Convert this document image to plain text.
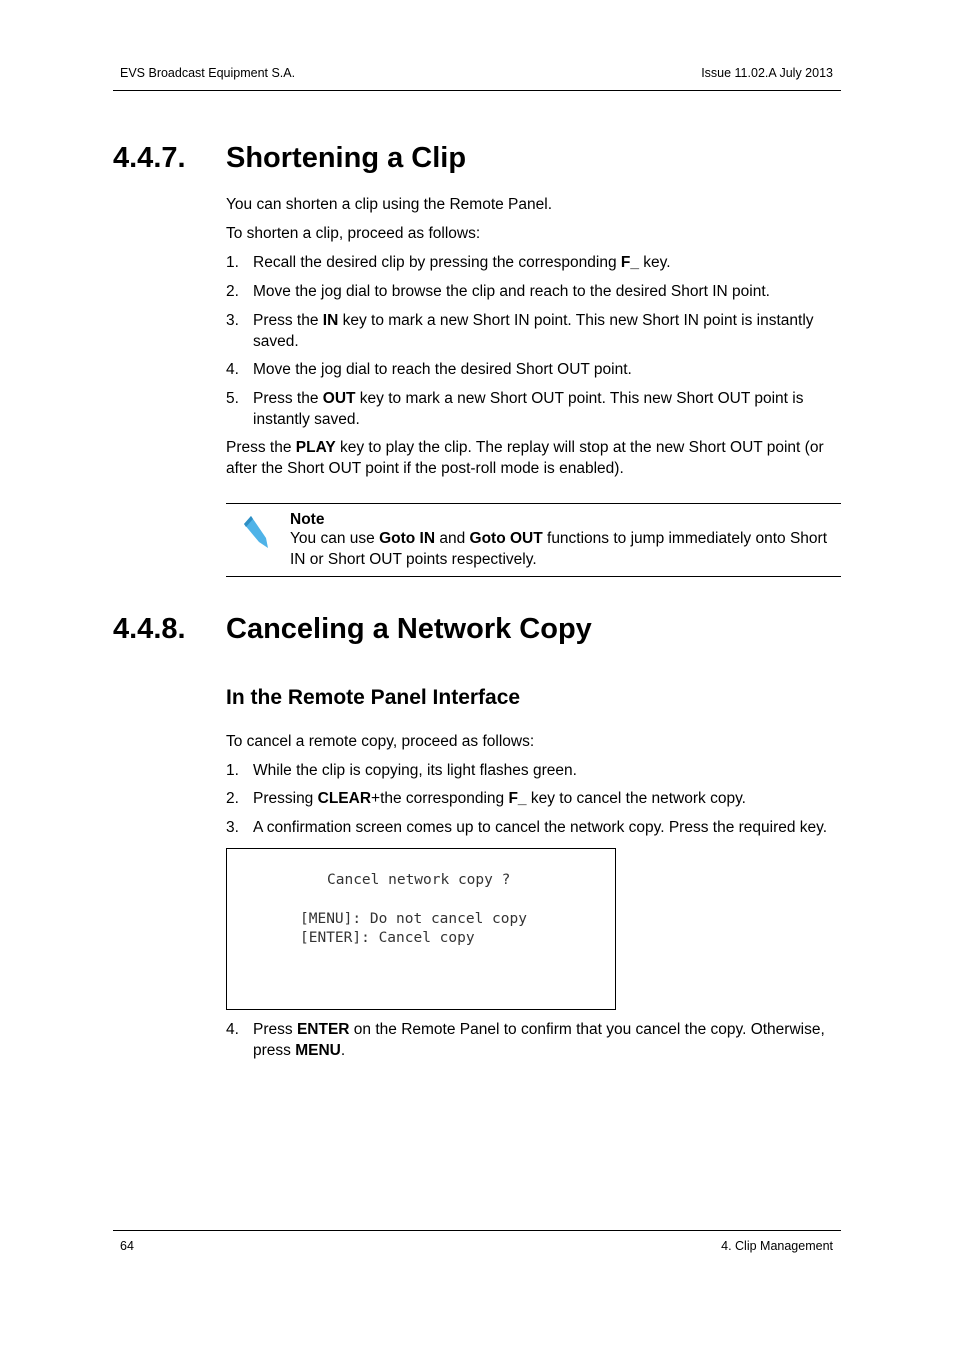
EVS Broadcast Equipment S.A.	Issue 11.02.A July 2013
4.4.7. Shortening a Clip
You can shorten a clip using the Remote Panel.
To shorten a clip, proceed as follows:
1. Recall the desired clip by pressing the corresponding F_ key.
2. Move the jog dial to browse the clip and reach to the desired Short IN point.
3. Press the IN key to mark a new Short IN point. This new Short IN point is instantly saved.
4. Move the jog dial to reach the desired Short OUT point.
5. Press the OUT key to mark a new Short OUT point. This new Short OUT point is instantly saved.
Press the PLAY key to play the clip. The replay will stop at the new Short OUT point (or after the Short OUT point if the post-roll mode is enabled).
Note
You can use Goto IN and Goto OUT functions to jump immediately onto Short IN or Short OUT points respectively.
4.4.8. Canceling a Network Copy
In the Remote Panel Interface
To cancel a remote copy, proceed as follows:
1. While the clip is copying, its light flashes green.
2. Pressing CLEAR+the corresponding F_ key to cancel the network copy.
3. A confirmation screen comes up to cancel the network copy. Press the required key.
Cancel network copy ?
[MENU]: Do not cancel copy
[ENTER]: Cancel copy
4. Press ENTER on the Remote Panel to confirm that you cancel the copy. Otherwise, press MENU.
64	4. Clip Management
